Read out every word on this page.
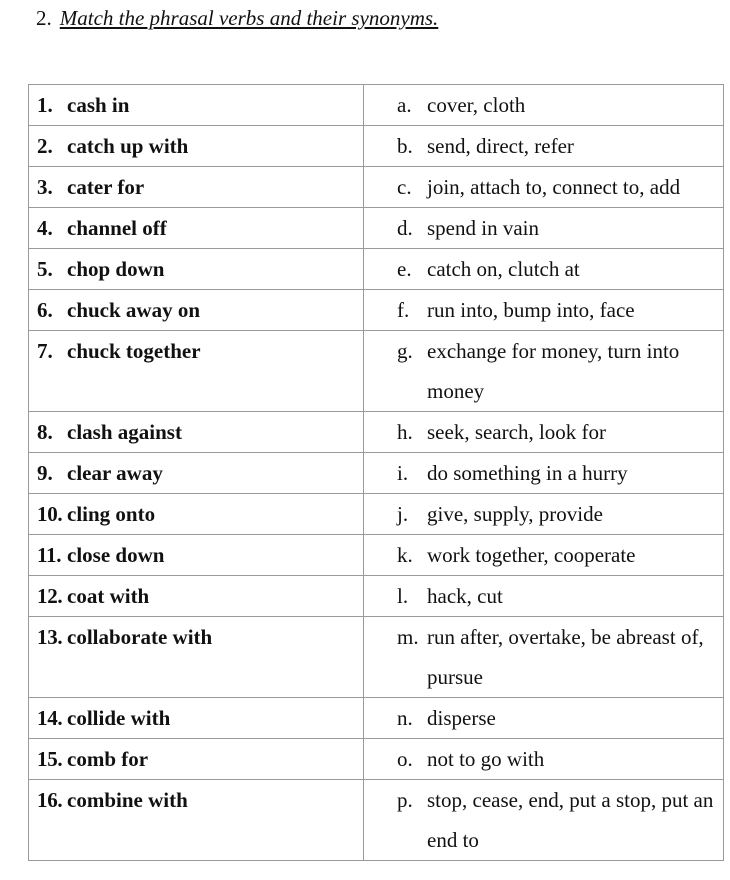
2. Match the phrasal verbs and their synonyms.
1. cash in	a. cover, cloth

2. catch up with	b. send, direct, refer

3. cater for	c. join, attach to, connect to, add

4. channel off	d. spend in vain

5. chop down	e. catch on, clutch at

6. chuck away on	f. run into, bump into, face

7. chuck together	g. exchange for money, turn into money

8. clash against	h. seek, search, look for

9. clear away	i. do something in a hurry

10. cling onto	j. give, supply, provide

11. close down	k. work together, cooperate

12. coat with	l. hack, cut

13. collaborate with	m. run after, overtake, be abreast of, pursue

14. collide with	n. disperse

15. comb for	o. not to go with

16. combine with	p. stop, cease, end, put a stop, put an end to
